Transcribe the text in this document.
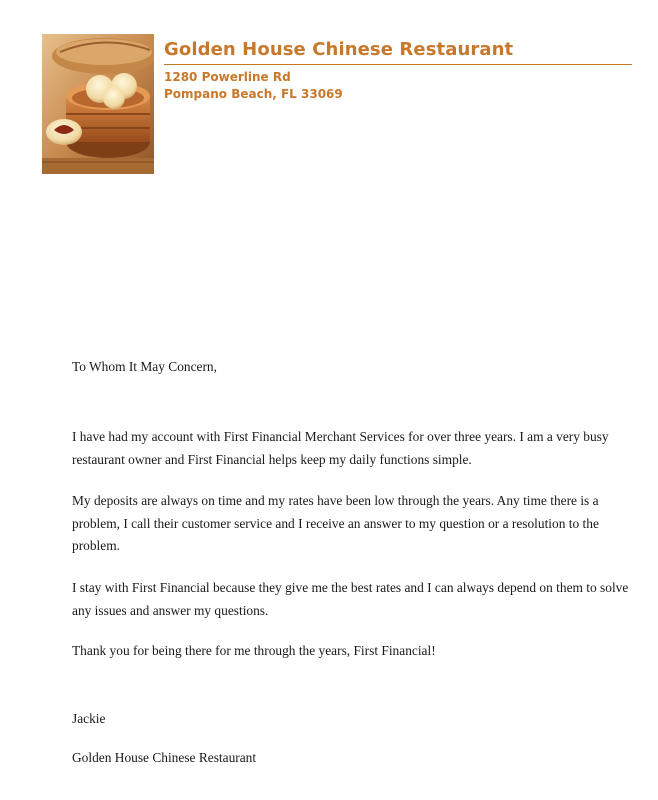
Golden House Chinese Restaurant
1280 Powerline Rd
Pompano Beach, FL 33069

To Whom It May Concern,

I have had my account with First Financial Merchant Services for over three years. I am a very busy restaurant owner and First Financial helps keep my daily functions simple.

My deposits are always on time and my rates have been low through the years. Any time there is a problem, I call their customer service and I receive an answer to my question or a resolution to the problem.

I stay with First Financial because they give me the best rates and I can always depend on them to solve any issues and answer my questions.

Thank you for being there for me through the years, First Financial!

Jackie
Golden House Chinese Restaurant
